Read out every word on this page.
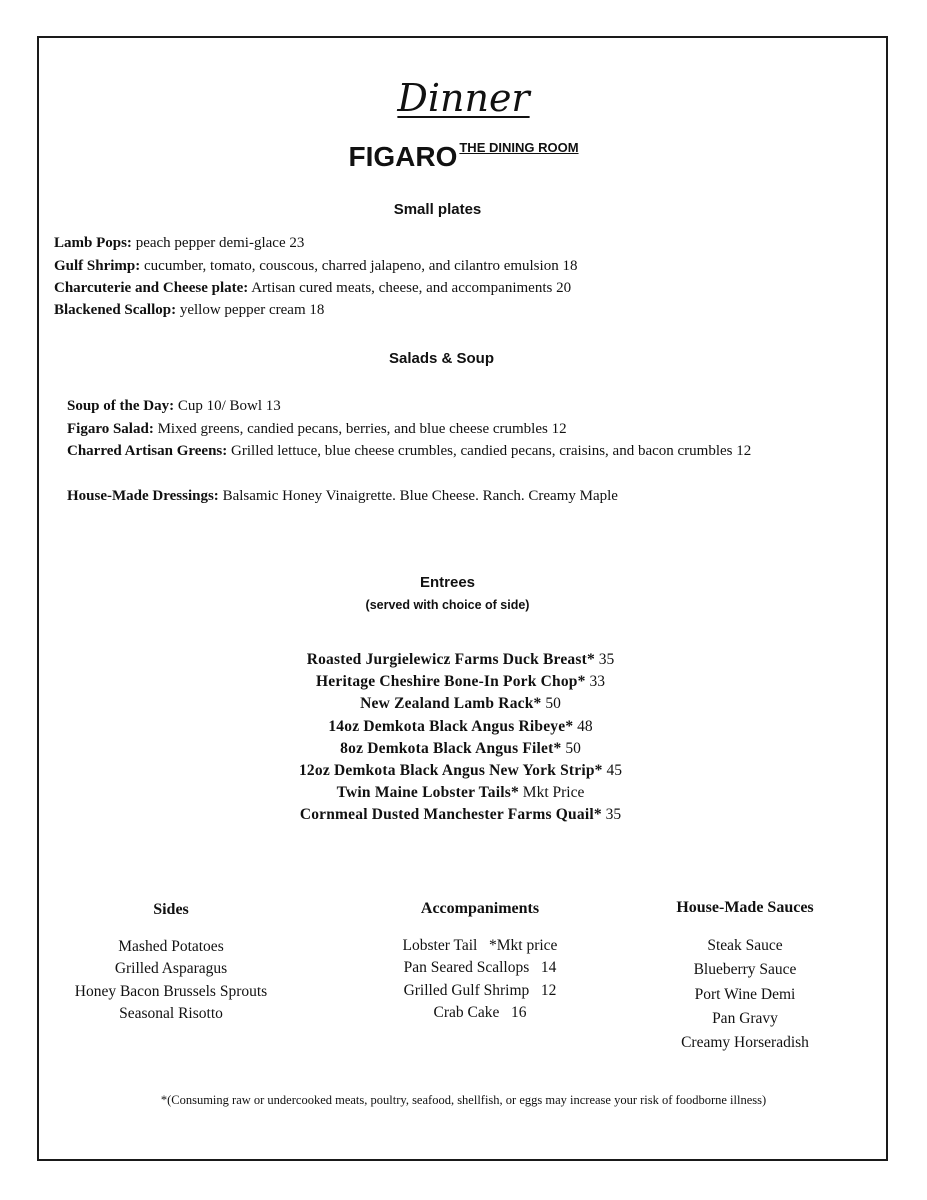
Dinner
FIGARO $^{THE DINING ROOM}$
Small plates
Lamb Pops: peach pepper demi-glace 23
Gulf Shrimp: cucumber, tomato, couscous, charred jalapeno, and cilantro emulsion 18
Charcuterie and Cheese plate: Artisan cured meats, cheese, and accompaniments 20
Blackened Scallop: yellow pepper cream 18
Salads & Soup
Soup of the Day: Cup 10/ Bowl 13
Figaro Salad: Mixed greens, candied pecans, berries, and blue cheese crumbles 12
Charred Artisan Greens: Grilled lettuce, blue cheese crumbles, candied pecans, craisins, and bacon crumbles 12
House-Made Dressings: Balsamic Honey Vinaigrette. Blue Cheese. Ranch. Creamy Maple
Entrees
(served with choice of side)
Roasted Jurgielewicz Farms Duck Breast* 35
Heritage Cheshire Bone-In Pork Chop* 33
New Zealand Lamb Rack* 50
14oz Demkota Black Angus Ribeye* 48
8oz Demkota Black Angus Filet* 50
12oz Demkota Black Angus New York Strip* 45
Twin Maine Lobster Tails* Mkt Price
Cornmeal Dusted Manchester Farms Quail* 35
Sides
Mashed Potatoes
Grilled Asparagus
Honey Bacon Brussels Sprouts
Seasonal Risotto
Accompaniments
Lobster Tail   *Mkt price
Pan Seared Scallops   14
Grilled Gulf Shrimp   12
Crab Cake   16
House-Made Sauces
Steak Sauce
Blueberry Sauce
Port Wine Demi
Pan Gravy
Creamy Horseradish
*(Consuming raw or undercooked meats, poultry, seafood, shellfish, or eggs may increase your risk of foodborne illness)
